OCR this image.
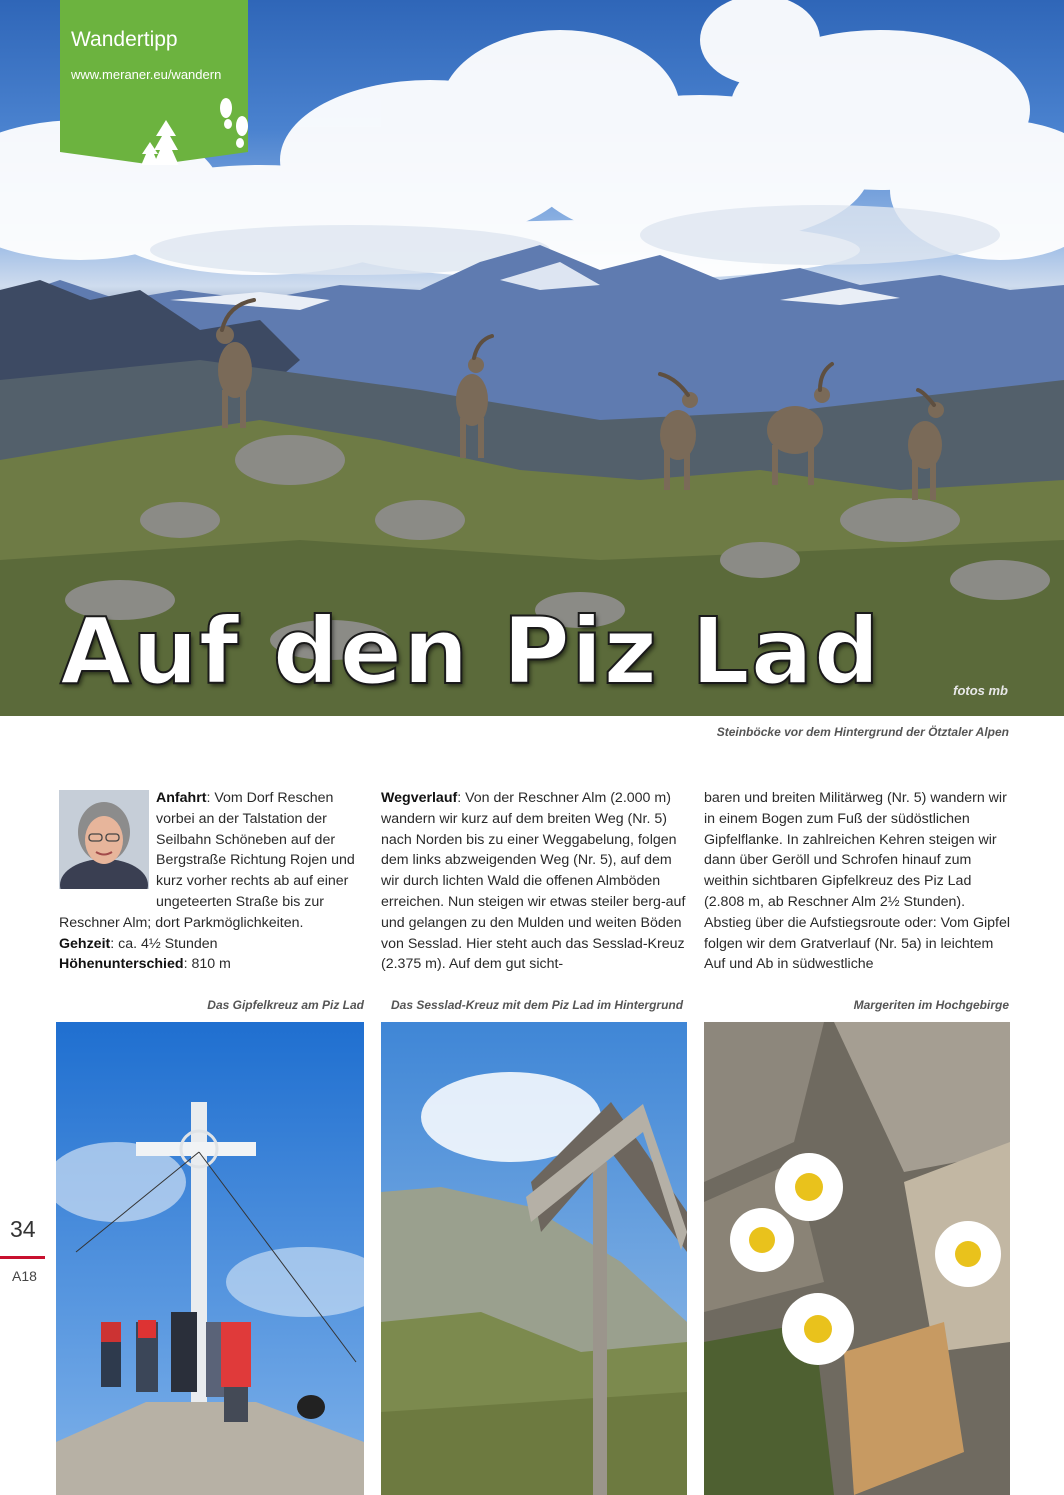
Auf den Piz Lad	fotos mb
Wandertipp
www.meraner.eu/wandern
Steinböcke vor dem Hintergrund der Ötztaler Alpen

Anfahrt: Vom Dorf Reschen vorbei an der Talstation der Seilbahn Schöneben auf der Bergstraße Richtung Rojen und kurz vorher rechts ab auf einer ungeteerten Straße bis zur Reschner Alm; dort Parkmöglichkeiten.

Gehzeit: ca. 4½ Stunden

Höhenunterschied: 810 m

Wegverlauf: Von der Reschner Alm (2.000 m) wandern wir kurz auf dem breiten Weg (Nr. 5) nach Norden bis zu einer Weggabelung, folgen dem links abzweigenden Weg (Nr. 5), auf dem wir durch lichten Wald die offenen Almböden erreichen. Nun steigen wir etwas steiler berg-auf und gelangen zu den Mulden und weiten Böden von Sesslad. Hier steht auch das Sesslad-Kreuz (2.375 m). Auf dem gut sicht-

baren und breiten Militärweg (Nr. 5) wandern wir in einem Bogen zum Fuß der südöstlichen Gipfelflanke. In zahlreichen Kehren steigen wir dann über Geröll und Schrofen hinauf zum weithin sichtbaren Gipfelkreuz des Piz Lad (2.808 m, ab Reschner Alm 2½ Stunden). Abstieg über die Aufstiegsroute oder: Vom Gipfel folgen wir dem Gratverlauf (Nr. 5a) in leichtem Auf und Ab in südwestliche

Das Gipfelkreuz am Piz Lad Das Sesslad-Kreuz mit dem Piz Lad im Hintergrund	Margeriten im Hochgebirge
34
A18
